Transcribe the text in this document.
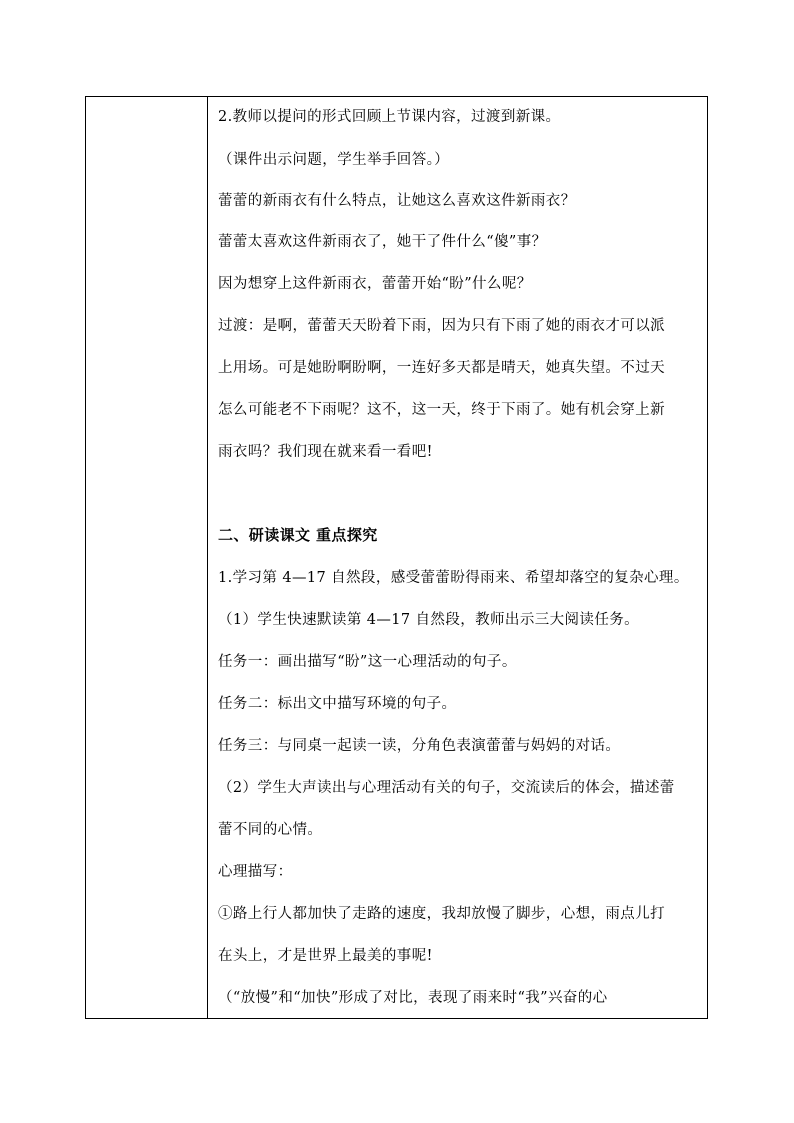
2.教师以提问的形式回顾上节课内容，过渡到新课。
（课件出示问题，学生举手回答。）
蕾蕾的新雨衣有什么特点，让她这么喜欢这件新雨衣？
蕾蕾太喜欢这件新雨衣了，她干了件什么“傻”事？
因为想穿上这件新雨衣，蕾蕾开始“盼”什么呢？
过渡：是啊，蕾蕾天天盼着下雨，因为只有下雨了她的雨衣才可以派
上用场。可是她盼啊盼啊，一连好多天都是晴天，她真失望。不过天
怎么可能老不下雨呢？这不，这一天，终于下雨了。她有机会穿上新
雨衣吗？我们现在就来看一看吧!
二、研读课文 重点探究
1.学习第 4—17 自然段，感受蕾蕾盼得雨来、希望却落空的复杂心理。
（1）学生快速默读第 4—17 自然段，教师出示三大阅读任务。
任务一：画出描写“盼”这一心理活动的句子。
任务二：标出文中描写环境的句子。
任务三：与同桌一起读一读，分角色表演蕾蕾与妈妈的对话。
（2）学生大声读出与心理活动有关的句子，交流读后的体会，描述蕾
蕾不同的心情。
心理描写：
①路上行人都加快了走路的速度，我却放慢了脚步，心想，雨点儿打
在头上，才是世界上最美的事呢!
（“放慢”和“加快”形成了对比，表现了雨来时“我”兴奋的心
